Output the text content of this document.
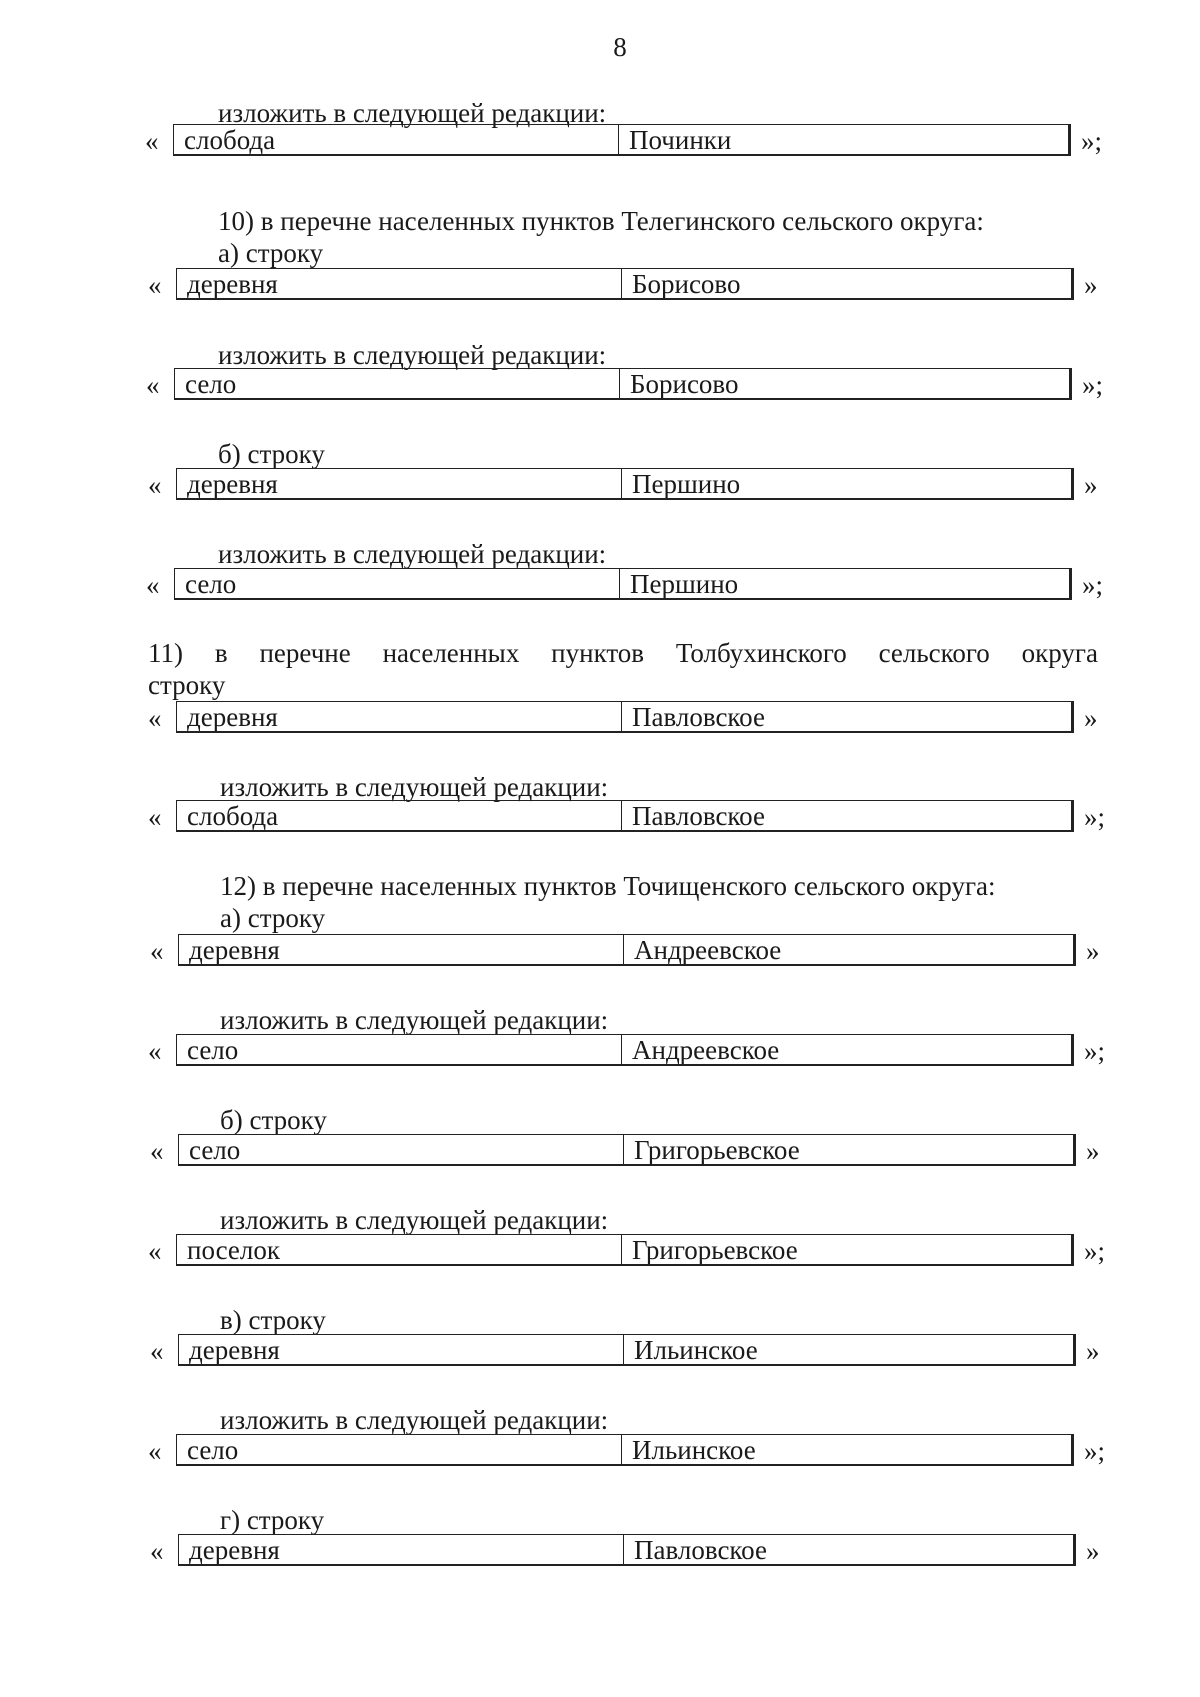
8
изложить в следующей редакции:
« слобода	Починки	»;
10) в перечне населенных пунктов Телегинского сельского округа:
а) строку
« деревня	Борисово	»
изложить в следующей редакции:
« село	Борисово	»;
б) строку
« деревня	Першино	»
изложить в следующей редакции:
« село	Першино	»;
11) в перечне населенных пунктов Толбухинского сельского округа
строку
« деревня	Павловское	»
изложить в следующей редакции:
« слобода	Павловское	»;
12) в перечне населенных пунктов Точищенского сельского округа:
а) строку
« деревня	Андреевское	»
изложить в следующей редакции:
« село	Андреевское	»;
б) строку
« село	Григорьевское	»
изложить в следующей редакции:
« поселок	Григорьевское	»;
в) строку
« деревня	Ильинское	»
изложить в следующей редакции:
« село	Ильинское	»;
г) строку
« деревня	Павловское	»
